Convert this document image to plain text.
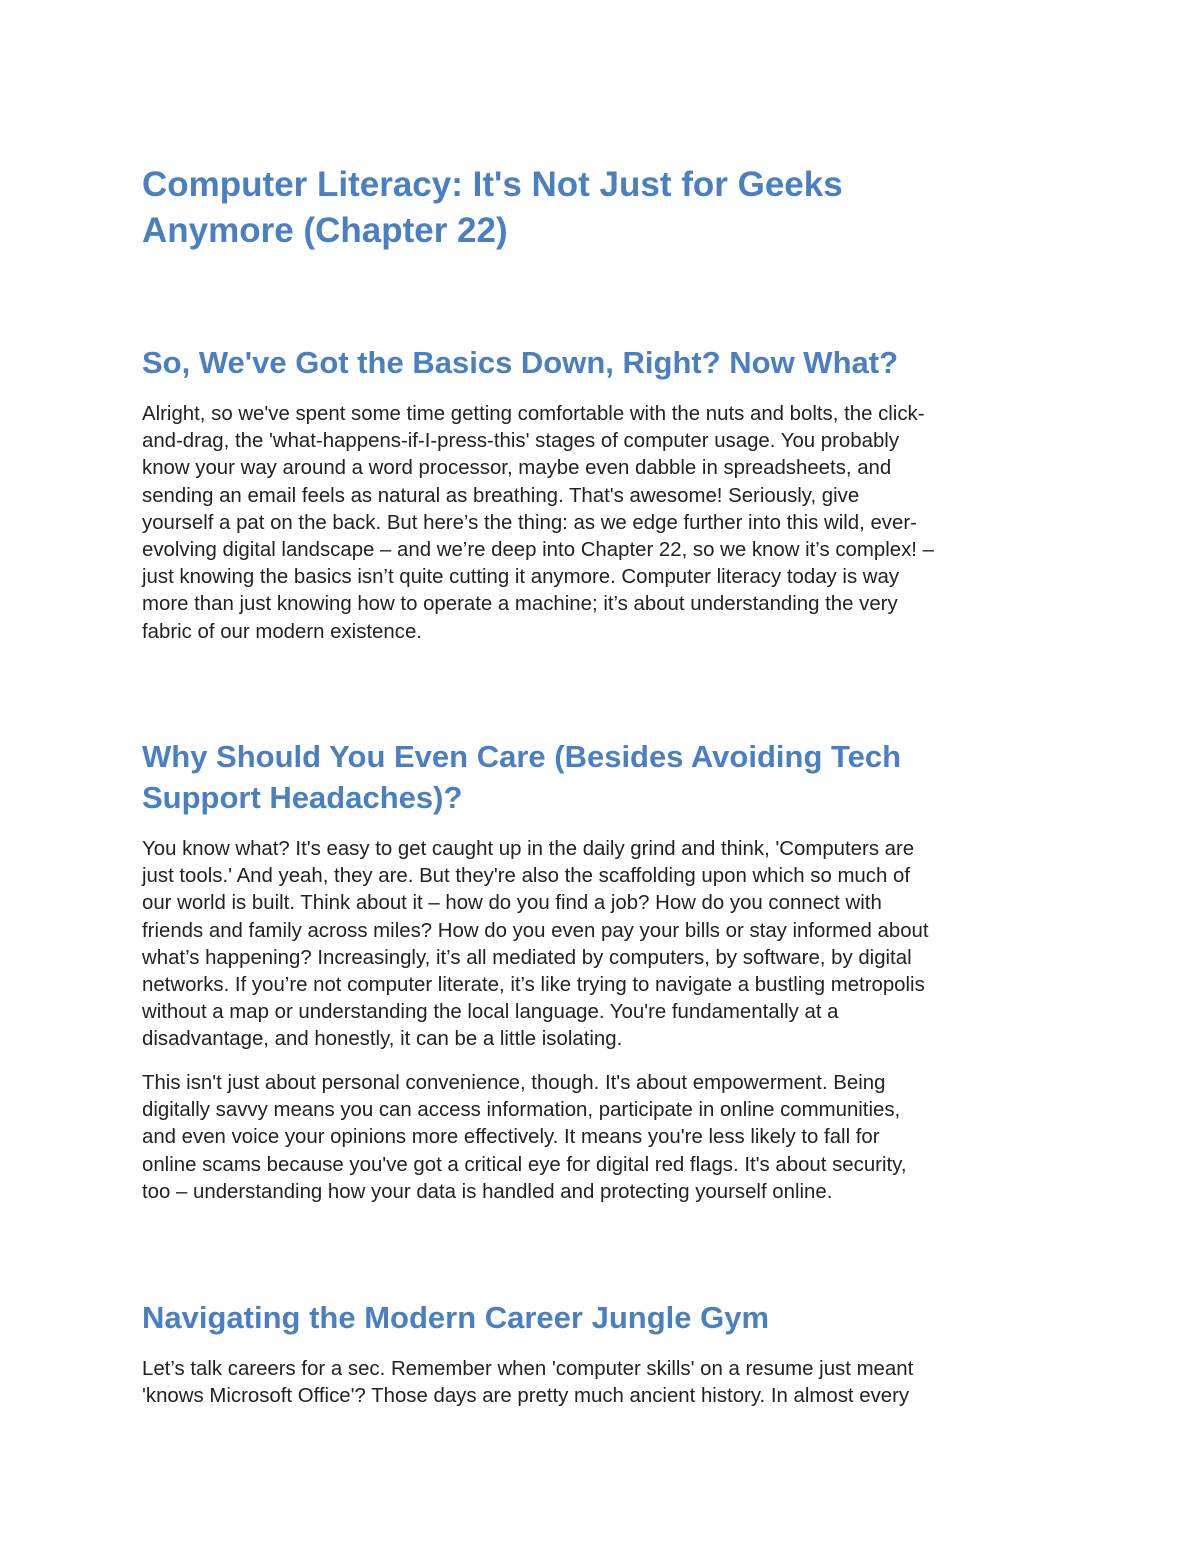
Computer Literacy: It's Not Just for Geeks
Anymore (Chapter 22)
So, We've Got the Basics Down, Right? Now What?
Alright, so we've spent some time getting comfortable with the nuts and bolts, the click-
and-drag, the 'what-happens-if-I-press-this' stages of computer usage. You probably
know your way around a word processor, maybe even dabble in spreadsheets, and
sending an email feels as natural as breathing. That's awesome! Seriously, give
yourself a pat on the back. But here’s the thing: as we edge further into this wild, ever-
evolving digital landscape – and we’re deep into Chapter 22, so we know it’s complex! –
just knowing the basics isn’t quite cutting it anymore. Computer literacy today is way
more than just knowing how to operate a machine; it’s about understanding the very
fabric of our modern existence.
Why Should You Even Care (Besides Avoiding Tech
Support Headaches)?
You know what? It's easy to get caught up in the daily grind and think, 'Computers are
just tools.' And yeah, they are. But they're also the scaffolding upon which so much of
our world is built. Think about it – how do you find a job? How do you connect with
friends and family across miles? How do you even pay your bills or stay informed about
what’s happening? Increasingly, it’s all mediated by computers, by software, by digital
networks. If you’re not computer literate, it’s like trying to navigate a bustling metropolis
without a map or understanding the local language. You're fundamentally at a
disadvantage, and honestly, it can be a little isolating.
This isn't just about personal convenience, though. It's about empowerment. Being
digitally savvy means you can access information, participate in online communities,
and even voice your opinions more effectively. It means you're less likely to fall for
online scams because you've got a critical eye for digital red flags. It's about security,
too – understanding how your data is handled and protecting yourself online.
Navigating the Modern Career Jungle Gym
Let’s talk careers for a sec. Remember when 'computer skills' on a resume just meant
'knows Microsoft Office'? Those days are pretty much ancient history. In almost every
